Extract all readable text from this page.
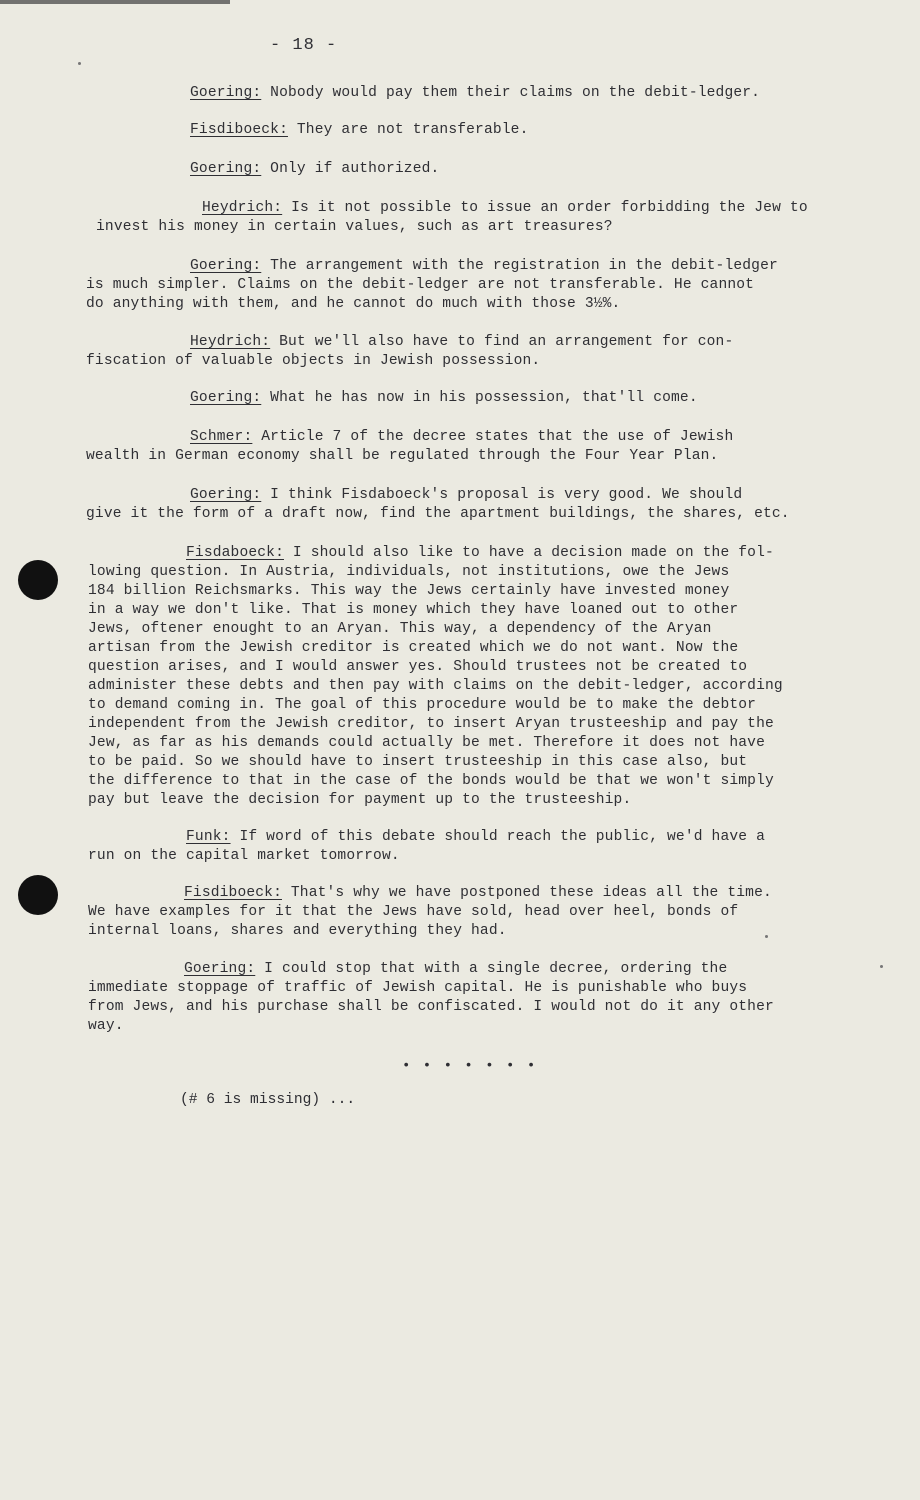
- 18 -
Goering: Nobody would pay them their claims on the debit-ledger.
Fisdiboeck: They are not transferable.
Goering: Only if authorized.
Heydrich: Is it not possible to issue an order forbidding the Jew to
invest his money in certain values, such as art treasures?
Goering: The arrangement with the registration in the debit-ledger
is much simpler. Claims on the debit-ledger are not transferable. He cannot
do anything with them, and he cannot do much with those 3½%.
Heydrich: But we'll also have to find an arrangement for con-
fiscation of valuable objects in Jewish possession.
Goering: What he has now in his possession, that'll come.
Schmer: Article 7 of the decree states that the use of Jewish
wealth in German economy shall be regulated through the Four Year Plan.
Goering: I think Fisdaboeck's proposal is very good. We should
give it the form of a draft now, find the apartment buildings, the shares, etc.
Fisdaboeck: I should also like to have a decision made on the fol-
lowing question. In Austria, individuals, not institutions, owe the Jews
184 billion Reichsmarks. This way the Jews certainly have invested money
in a way we don't like. That is money which they have loaned out to other
Jews, oftener enought to an Aryan. This way, a dependency of the Aryan
artisan from the Jewish creditor is created which we do not want. Now the
question arises, and I would answer yes. Should trustees not be created to
administer these debts and then pay with claims on the debit-ledger, according
to demand coming in. The goal of this procedure would be to make the debtor
independent from the Jewish creditor, to insert Aryan trusteeship and pay the
Jew, as far as his demands could actually be met. Therefore it does not have
to be paid. So we should have to insert trusteeship in this case also, but
the difference to that in the case of the bonds would be that we won't simply
pay but leave the decision for payment up to the trusteeship.
Funk: If word of this debate should reach the public, we'd have a
run on the capital market tomorrow.
Fisdiboeck: That's why we have postponed these ideas all the time.
We have examples for it that the Jews have sold, head over heel, bonds of
internal loans, shares and everything they had.
Goering: I could stop that with a single decree, ordering the
immediate stoppage of traffic of Jewish capital. He is punishable who buys
from Jews, and his purchase shall be confiscated. I would not do it any other
way.
• • • • • • •
(# 6 is missing) ...
